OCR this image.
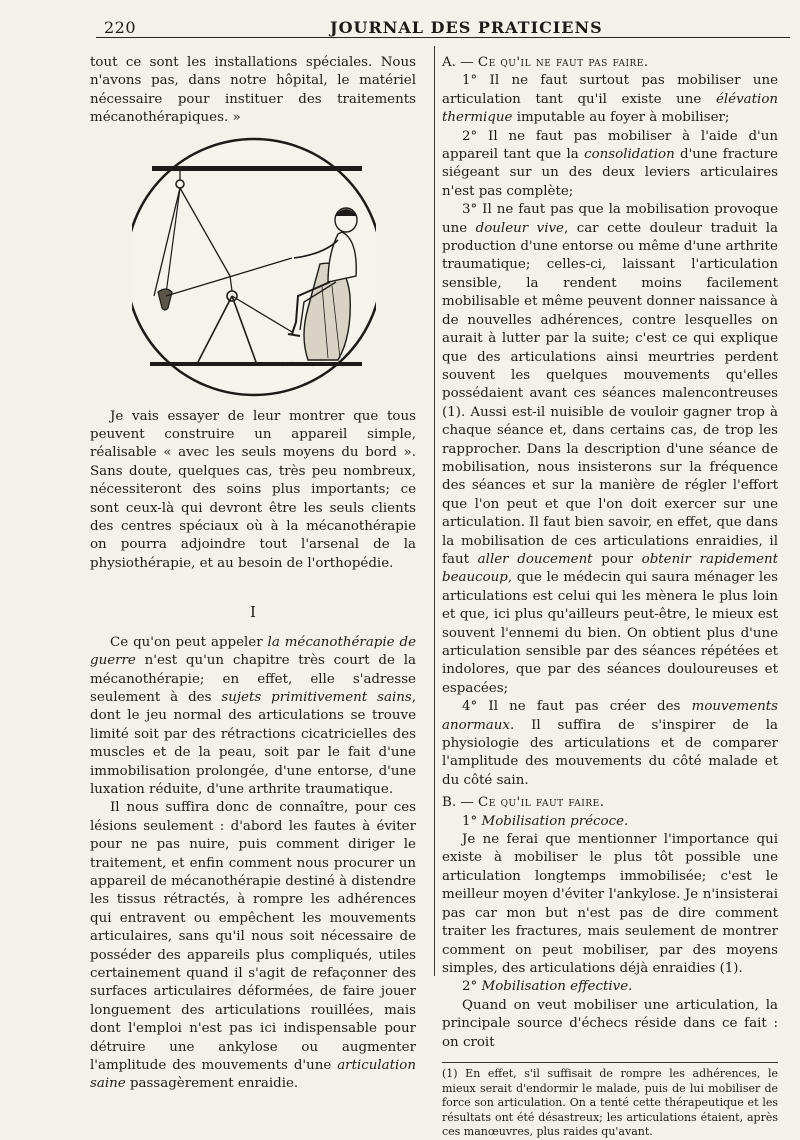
220	JOURNAL DES PRATICIENS

tout ce sont les installations spéciales. Nous n'avons pas, dans notre hôpital, le matériel nécessaire pour instituer des traitements mécanothérapiques. »

Je vais essayer de leur montrer que tous peuvent construire un appareil simple, réalisable « avec les seuls moyens du bord ». Sans doute, quelques cas, très peu nombreux, nécessiteront des soins plus importants; ce sont ceux-là qui devront être les seuls clients des centres spéciaux où à la mécanothérapie on pourra adjoindre tout l'arsenal de la physiothérapie, et au besoin de l'orthopédie.

I

Ce qu'on peut appeler la mécanothérapie de guerre n'est qu'un chapitre très court de la mécanothérapie; en effet, elle s'adresse seulement à des sujets primitivement sains, dont le jeu normal des articulations se trouve limité soit par des rétractions cicatricielles des muscles et de la peau, soit par le fait d'une immobilisation prolongée, d'une entorse, d'une luxation réduite, d'une arthrite traumatique.

Il nous suffira donc de connaître, pour ces lésions seulement : d'abord les fautes à éviter pour ne pas nuire, puis comment diriger le traitement, et enfin comment nous procurer un appareil de mécanothérapie destiné à distendre les tissus rétractés, à rompre les adhérences qui entravent ou empêchent les mouvements articulaires, sans qu'il nous soit nécessaire de posséder des appareils plus compliqués, utiles certainement quand il s'agit de refaçonner des surfaces articulaires déformées, de faire jouer longuement des articulations rouillées, mais dont l'emploi n'est pas ici indispensable pour détruire une ankylose ou augmenter l'amplitude des mouvements d'une articulation saine passagèrement enraidie.

A. — Ce qu'il ne faut pas faire.

1° Il ne faut surtout pas mobiliser une articulation tant qu'il existe une élévation thermique imputable au foyer à mobiliser;

2° Il ne faut pas mobiliser à l'aide d'un appareil tant que la consolidation d'une fracture siégeant sur un des deux leviers articulaires n'est pas complète;

3° Il ne faut pas que la mobilisation provoque une douleur vive, car cette douleur traduit la production d'une entorse ou même d'une arthrite traumatique; celles-ci, laissant l'articulation sensible, la rendent moins facilement mobilisable et même peuvent donner naissance à de nouvelles adhérences, contre lesquelles on aurait à lutter par la suite; c'est ce qui explique que des articulations ainsi meurtries perdent souvent les quelques mouvements qu'elles possédaient avant ces séances malencontreuses (1). Aussi est-il nuisible de vouloir gagner trop à chaque séance et, dans certains cas, de trop les rapprocher. Dans la description d'une séance de mobilisation, nous insisterons sur la fréquence des séances et sur la manière de régler l'effort que l'on peut et que l'on doit exercer sur une articulation. Il faut bien savoir, en effet, que dans la mobilisation de ces articulations enraidies, il faut aller doucement pour obtenir rapidement beaucoup, que le médecin qui saura ménager les articulations est celui qui les mènera le plus loin et que, ici plus qu'ailleurs peut-être, le mieux est souvent l'ennemi du bien. On obtient plus d'une articulation sensible par des séances répétées et indolores, que par des séances douloureuses et espacées;

4° Il ne faut pas créer des mouvements anormaux. Il suffira de s'inspirer de la physiologie des articulations et de comparer l'amplitude des mouvements du côté malade et du côté sain.

B. — Ce qu'il faut faire.

1° Mobilisation précoce.

Je ne ferai que mentionner l'importance qui existe à mobiliser le plus tôt possible une articulation longtemps immobilisée; c'est le meilleur moyen d'éviter l'ankylose. Je n'insisterai pas car mon but n'est pas de dire comment traiter les fractures, mais seulement de montrer comment on peut mobiliser, par des moyens simples, des articulations déjà enraidies (1).

2° Mobilisation effective.

Quand on veut mobiliser une articulation, la principale source d'échecs réside dans ce fait : on croit

(1) En effet, s'il suffisait de rompre les adhérences, le mieux serait d'endormir le malade, puis de lui mobiliser de force son articulation. On a tenté cette thérapeutique et les résultats ont été désastreux; les articulations étaient, après ces manœuvres, plus raides qu'avant.
